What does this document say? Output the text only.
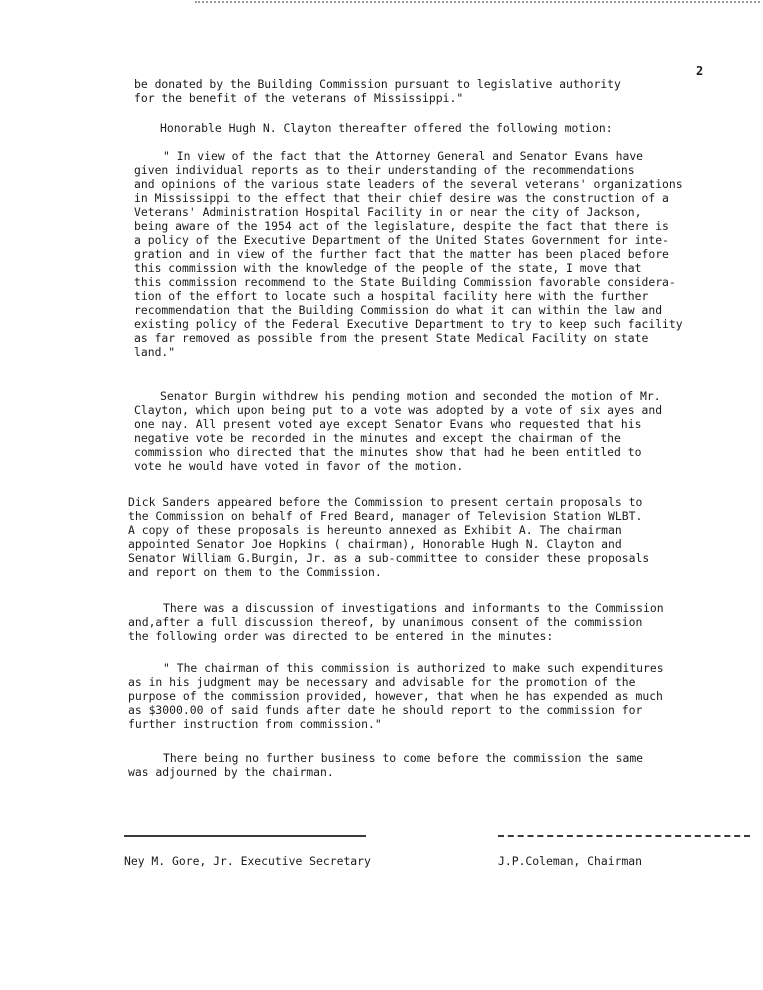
2
be donated by the Building Commission pursuant to legislative authority
for the benefit of the veterans of Mississippi."
Honorable Hugh N. Clayton thereafter offered the following motion:
" In view of the fact that the Attorney General and Senator Evans have
given individual reports as to their understanding of the recommendations
and opinions of the various state leaders of the several veterans' organizations
in Mississippi to the effect that their chief desire was the construction of a
Veterans' Administration Hospital Facility in or near the city of Jackson,
being aware of the 1954 act of the legislature, despite the fact that there is
a policy of the Executive Department of the United States Government for inte-
gration and in view of the further fact that the matter has been placed before
this commission with the knowledge of the people of the state, I move that
this commission recommend to the State Building Commission favorable considera-
tion of the effort to locate such a hospital facility here with the further
recommendation that the Building Commission do what it can within the law and
existing policy of the Federal Executive Department to try to keep such facility
as far removed as possible from the present State Medical Facility on state
land."
Senator Burgin withdrew his pending motion and seconded the motion of Mr.
Clayton, which upon being put to a vote was adopted by a vote of six ayes and
one nay. All present voted aye except Senator Evans who requested that his
negative vote be recorded in the minutes and except the chairman of the
commission who directed that the minutes show that had he been entitled to
vote he would have voted in favor of the motion.
Dick Sanders appeared before the Commission to present certain proposals to
the Commission on behalf of Fred Beard, manager of Television Station WLBT.
A copy of these proposals is hereunto annexed as Exhibit A. The chairman
appointed Senator Joe Hopkins ( chairman), Honorable Hugh N. Clayton and
Senator William G.Burgin, Jr. as a sub-committee to consider these proposals
and report on them to the Commission.
There was a discussion of investigations and informants to the Commission
and,after a full discussion thereof, by unanimous consent of the commission
the following order was directed to be entered in the minutes:
" The chairman of this commission is authorized to make such expenditures
as in his judgment may be necessary and advisable for the promotion of the
purpose of the commission provided, however, that when he has expended as much
as $3000.00 of said funds after date he should report to the commission for
further instruction from commission."
There being no further business to come before the commission the same
was adjourned by the chairman.
Ney M. Gore, Jr. Executive Secretary	J.P.Coleman, Chairman
